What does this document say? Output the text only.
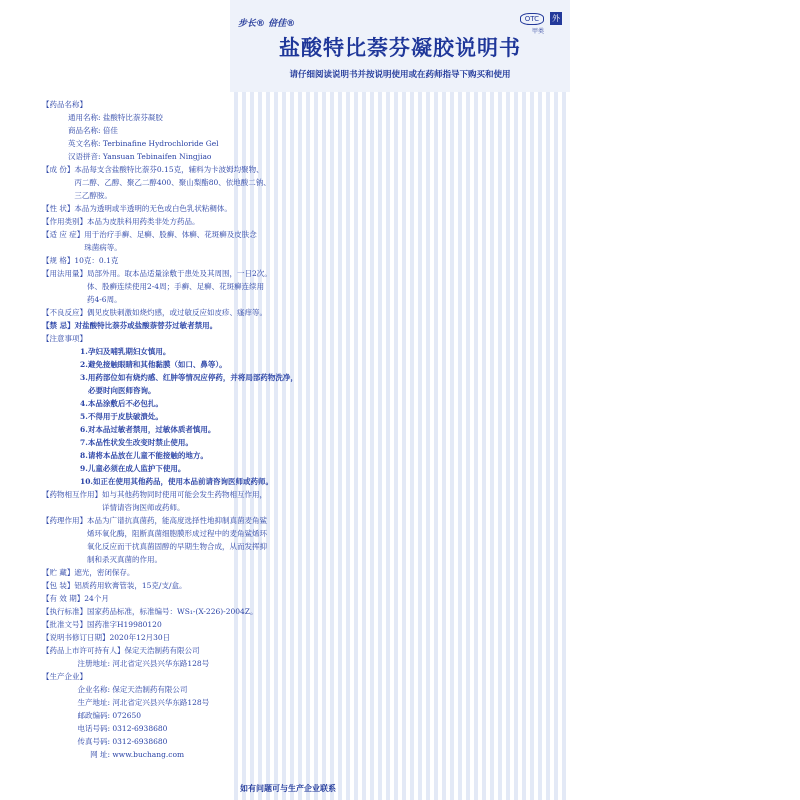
步长® 倍佳®	OTC	外
甲类
盐酸特比萘芬凝胶说明书
请仔细阅读说明书并按说明使用或在药师指导下购买和使用
【药品名称】
通用名称: 盐酸特比萘芬凝胶
商品名称: 倍佳
英文名称: Terbinafine Hydrochloride Gel
汉语拼音: Yansuan Tebinaifen Ningjiao
【成 份】 本品每支含盐酸特比萘芬0.15克，辅料为卡波姆均聚物、
丙二醇、乙醇、聚乙二醇400、聚山梨酯80、依地酸二钠、
三乙醇胺。
【性 状】 本品为透明或半透明的无色或白色乳状粘稠体。
【作用类别】 本品为皮肤科用药类非处方药品。
【适 应 症】 用于治疗手癣、足癣、股癣、体癣、花斑癣及皮肤念
珠菌病等。
【规 格】 10克：0.1克
【用法用量】 局部外用。取本品适量涂敷于患处及其周围，一日2次。
体、股癣连续使用2-4周；手癣、足癣、花斑癣连续用
药4-6周。
【不良反应】 偶见皮肤刺激如烧灼感，或过敏反应如皮疹、瘙痒等。
【禁 忌】 对盐酸特比萘芬或盐酸萘替芬过敏者禁用。
【注意事项】
1.孕妇及哺乳期妇女慎用。
2.避免接触眼睛和其他黏膜（如口、鼻等）。
3.用药部位如有烧灼感、红肿等情况应停药，并将局部药物洗净，
必要时向医师咨询。
4.本品涂敷后不必包扎。
5.不得用于皮肤破溃处。
6.对本品过敏者禁用，过敏体质者慎用。
7.本品性状发生改变时禁止使用。
8.请将本品放在儿童不能接触的地方。
9.儿童必须在成人监护下使用。
10.如正在使用其他药品，使用本品前请咨询医师或药师。
【药物相互作用】 如与其他药物同时使用可能会发生药物相互作用，
详情请咨询医师或药师。
【药理作用】 本品为广谱抗真菌药，能高度选择性地抑制真菌麦角鲨
烯环氧化酶，阻断真菌细胞膜形成过程中的麦角鲨烯环
氧化反应而干扰真菌固醇的早期生物合成，从而发挥抑
制和杀灭真菌的作用。
【贮 藏】 遮光，密闭保存。
【包 装】 铝质药用软膏管装，15克/支/盒。
【有 效 期】 24个月
【执行标准】 国家药品标准，标准编号：WS₁-(X-226)-2004Z。
【批准文号】 国药准字H19980120
【说明书修订日期】 2020年12月30日
【药品上市许可持有人】 保定天浩制药有限公司
注册地址: 河北省定兴县兴华东路128号
【生产企业】
企业名称: 保定天浩制药有限公司
生产地址: 河北省定兴县兴华东路128号
邮政编码: 072650
电话号码: 0312-6938680
传真号码: 0312-6938680
网 址: www.buchang.com
如有问题可与生产企业联系
